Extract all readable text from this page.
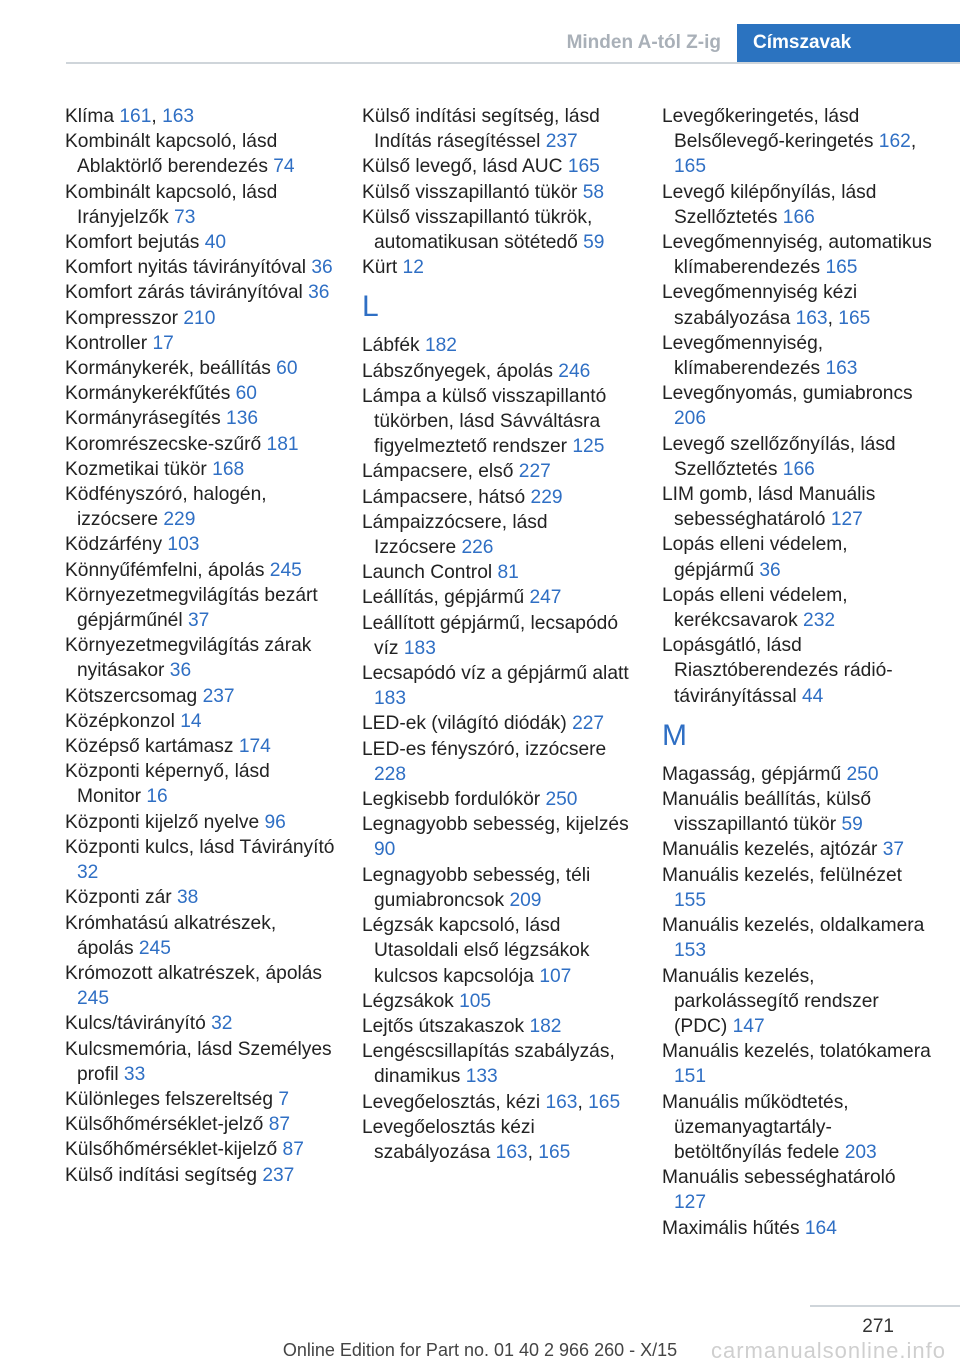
Minden A-tól Z-ig	Címszavak
Klíma 161, 163
Kombinált kapcsoló, lásd Ablaktörlő berendezés 74
Kombinált kapcsoló, lásd Irányjelzők 73
Komfort bejutás 40
Komfort nyitás távirányítóval 36
Komfort zárás távirányítóval 36
Kompresszor 210
Kontroller 17
Kormánykerék, beállítás 60
Kormánykerékfűtés 60
Kormányrásegítés 136
Koromrészecske-szűrő 181
Kozmetikai tükör 168
Ködfényszóró, halogén, izzócsere 229
Ködzárfény 103
Könnyűfémfelni, ápolás 245
Környezetmegvilágítás bezárt gépjárműnél 37
Környezetmegvilágítás zárak nyitásakor 36
Kötszercsomag 237
Középkonzol 14
Középső kartámasz 174
Központi képernyő, lásd Monitor 16
Központi kijelző nyelve 96
Központi kulcs, lásd Távirányító 32
Központi zár 38
Krómhatású alkatrészek, ápolás 245
Krómozott alkatrészek, ápolás 245
Kulcs/távirányító 32
Kulcsmemória, lásd Személyes profil 33
Különleges felszereltség 7
Külsőhőmérséklet-jelző 87
Külsőhőmérséklet-kijelző 87
Külső indítási segítség 237
Külső indítási segítség, lásd Indítás rásegítéssel 237
Külső levegő, lásd AUC 165
Külső visszapillantó tükör 58
Külső visszapillantó tükrök, automatikusan sötétedő 59
Kürt 12
L
Lábfék 182
Lábszőnyegek, ápolás 246
Lámpa a külső visszapillantó tükörben, lásd Sávváltásra figyelmeztető rendszer 125
Lámpacsere, első 227
Lámpacsere, hátsó 229
Lámpaizzócsere, lásd Izzócsere 226
Launch Control 81
Leállítás, gépjármű 247
Leállított gépjármű, lecsapódó víz 183
Lecsapódó víz a gépjármű alatt 183
LED-ek (világító diódák) 227
LED-es fényszóró, izzócsere 228
Legkisebb fordulókör 250
Legnagyobb sebesség, kijelzés 90
Legnagyobb sebesség, téli gumiabroncsok 209
Légzsák kapcsoló, lásd Utasoldali első légzsákok kulcsos kapcsolója 107
Légzsákok 105
Lejtős útszakaszok 182
Lengéscsillapítás szabályzás, dinamikus 133
Levegőelosztás, kézi 163, 165
Levegőelosztás kézi szabályozása 163, 165
Levegőkeringetés, lásd Belsőlevegő-keringetés 162, 165
Levegő kilépőnyílás, lásd Szellőztetés 166
Levegőmennyiség, automatikus klímaberendezés 165
Levegőmennyiség kézi szabályozása 163, 165
Levegőmennyiség, klímaberendezés 163
Levegőnyomás, gumiabroncs 206
Levegő szellőzőnyílás, lásd Szellőztetés 166
LIM gomb, lásd Manuális sebességhatároló 127
Lopás elleni védelem, gépjármű 36
Lopás elleni védelem, kerékcsavarok 232
Lopásgátló, lásd Riasztóberendezés rádió-távirányítással 44
M
Magasság, gépjármű 250
Manuális beállítás, külső visszapillantó tükör 59
Manuális kezelés, ajtózár 37
Manuális kezelés, felülnézet 155
Manuális kezelés, oldalkamera 153
Manuális kezelés, parkolássegítő rendszer (PDC) 147
Manuális kezelés, tolatókamera 151
Manuális működtetés, üzemanyagtartály-betöltőnyílás fedele 203
Manuális sebességhatároló 127
Maximális hűtés 164
271
Online Edition for Part no. 01 40 2 966 260 - X/15	carmanualsonline.info
